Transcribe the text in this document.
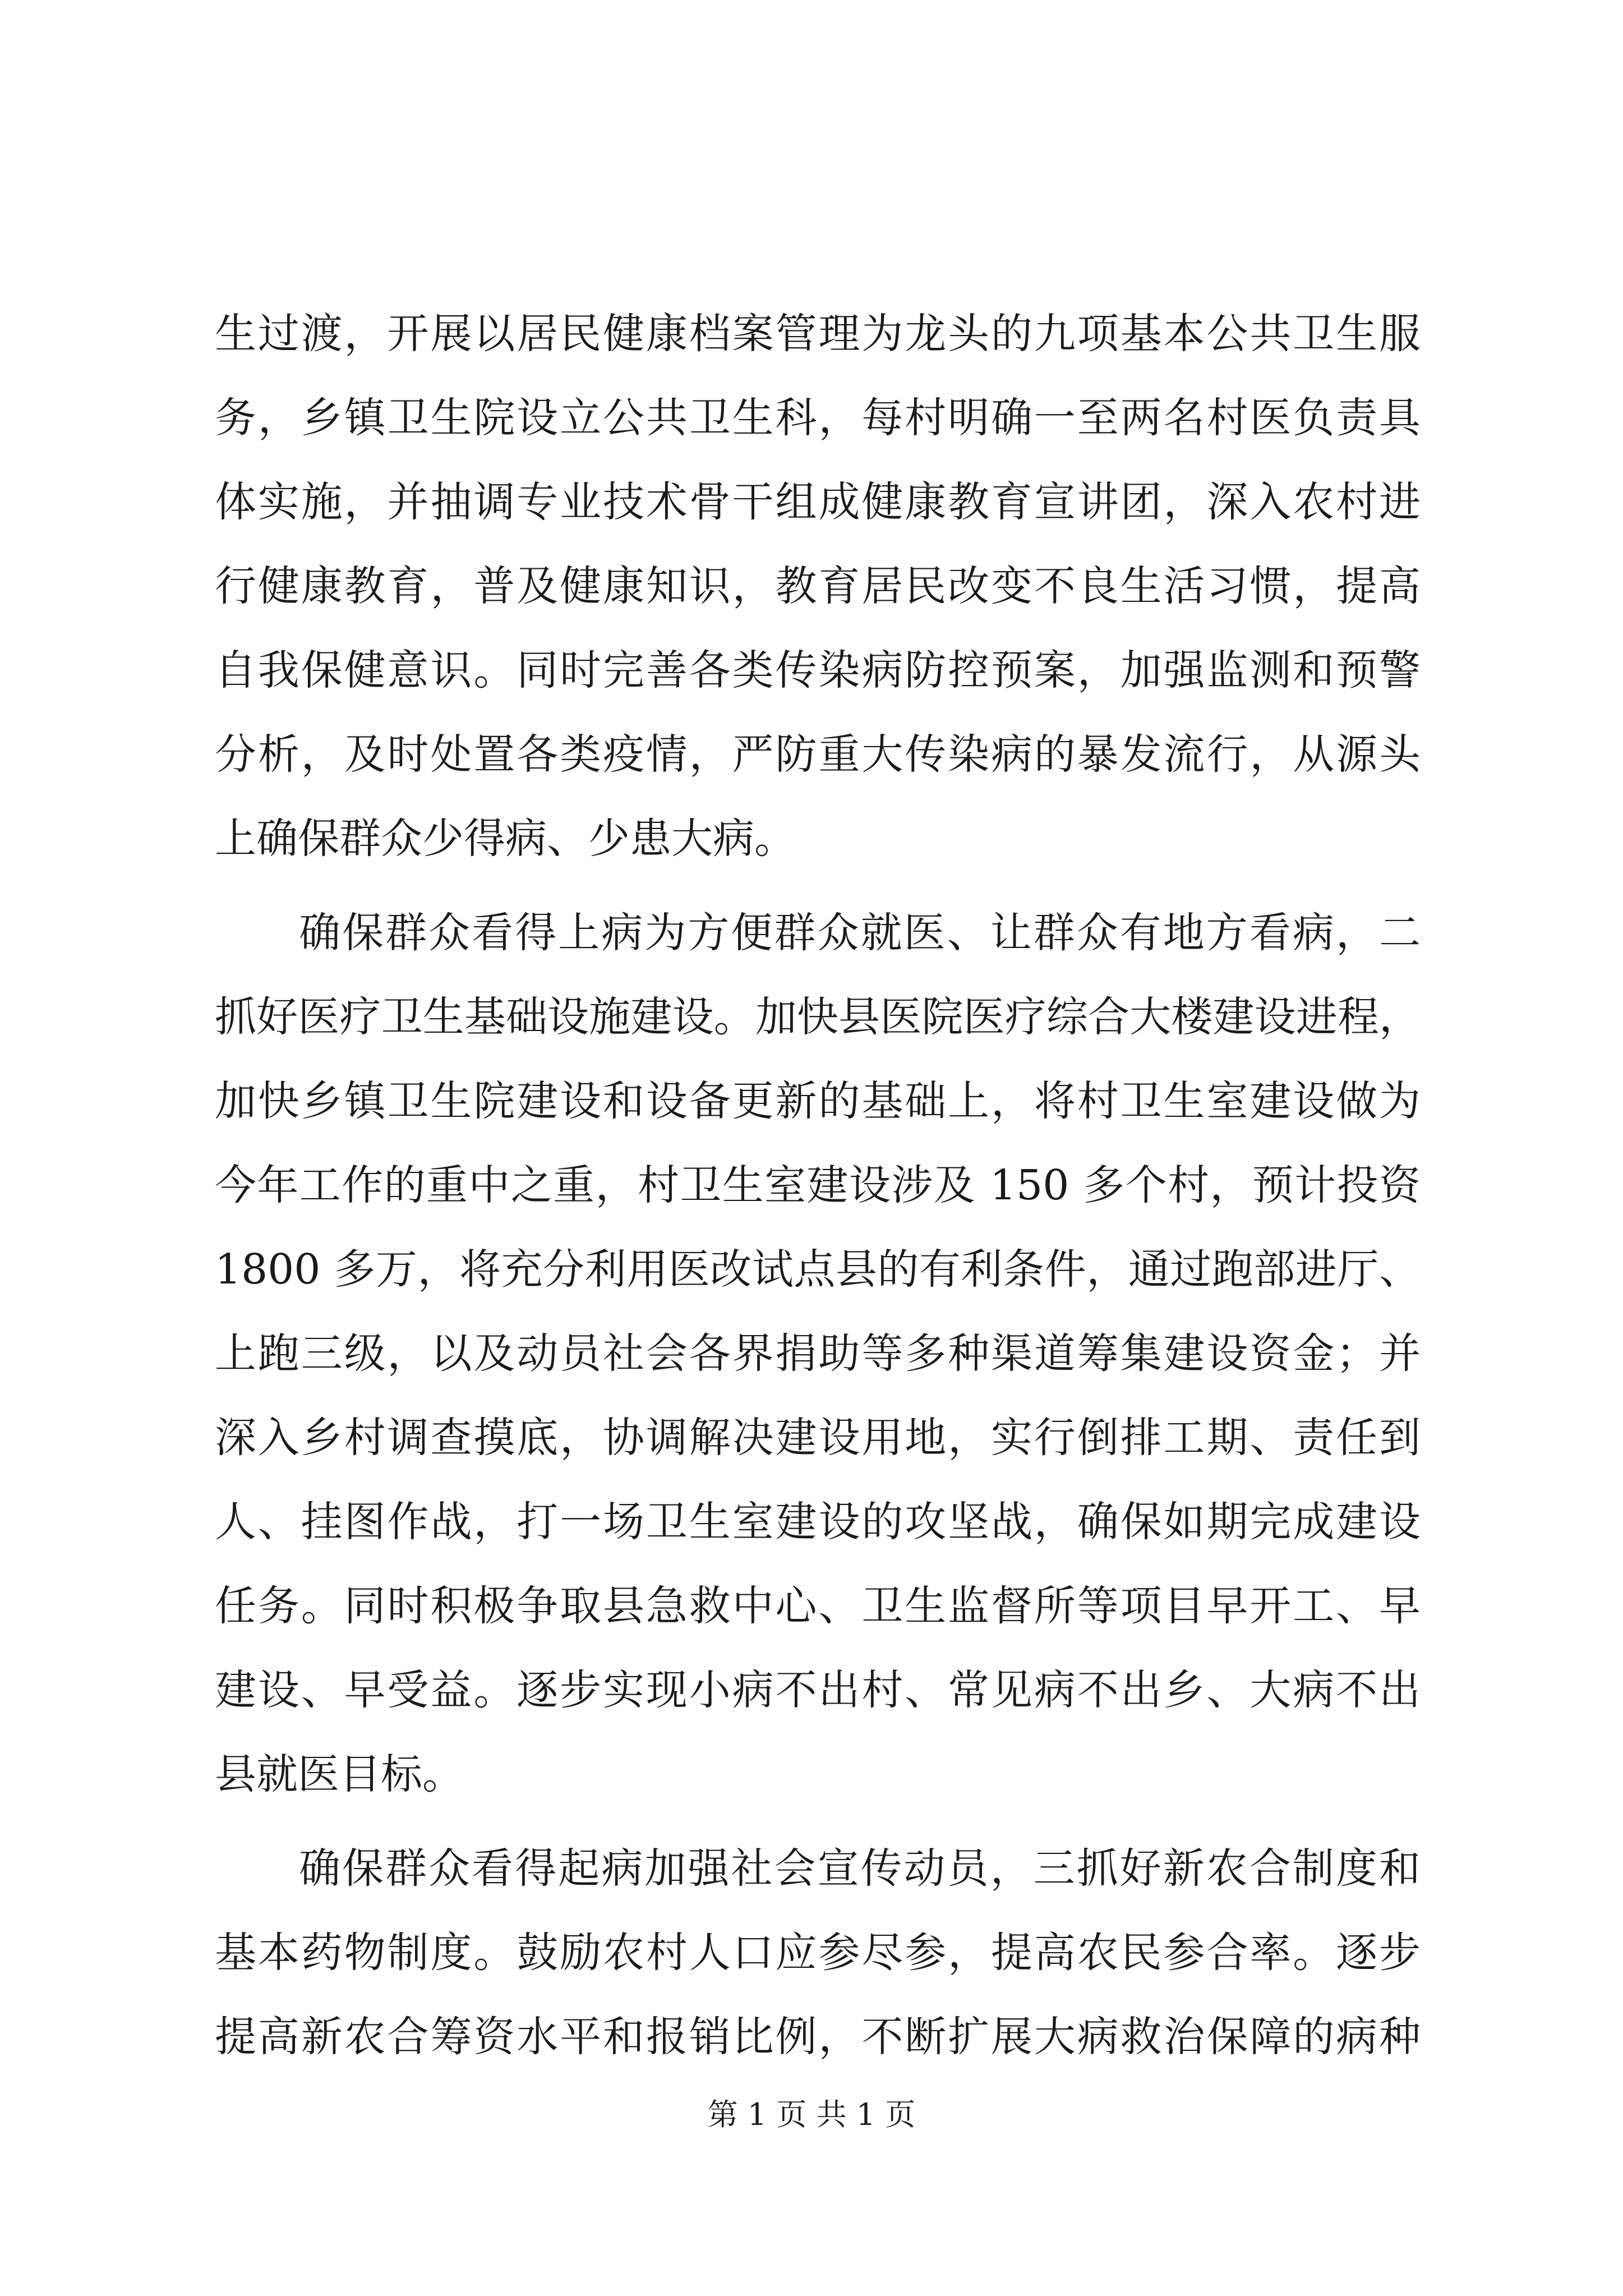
生过渡，开展以居民健康档案管理为龙头的九项基本公共卫生服
务，乡镇卫生院设立公共卫生科，每村明确一至两名村医负责具
体实施，并抽调专业技术骨干组成健康教育宣讲团，深入农村进
行健康教育，普及健康知识，教育居民改变不良生活习惯，提高
自我保健意识。同时完善各类传染病防控预案，加强监测和预警
分析，及时处置各类疫情，严防重大传染病的暴发流行，从源头
上确保群众少得病、少患大病。
确保群众看得上病为方便群众就医、让群众有地方看病，二
抓好医疗卫生基础设施建设。加快县医院医疗综合大楼建设进程，
加快乡镇卫生院建设和设备更新的基础上，将村卫生室建设做为
今年工作的重中之重，村卫生室建设涉及 150 多个村，预计投资
1800 多万，将充分利用医改试点县的有利条件，通过跑部进厅、
上跑三级，以及动员社会各界捐助等多种渠道筹集建设资金；并
深入乡村调查摸底，协调解决建设用地，实行倒排工期、责任到
人、挂图作战，打一场卫生室建设的攻坚战，确保如期完成建设
任务。同时积极争取县急救中心、卫生监督所等项目早开工、早
建设、早受益。逐步实现小病不出村、常见病不出乡、大病不出
县就医目标。
确保群众看得起病加强社会宣传动员，三抓好新农合制度和
基本药物制度。鼓励农村人口应参尽参，提高农民参合率。逐步
提高新农合筹资水平和报销比例，不断扩展大病救治保障的病种
第 1 页 共 1 页
